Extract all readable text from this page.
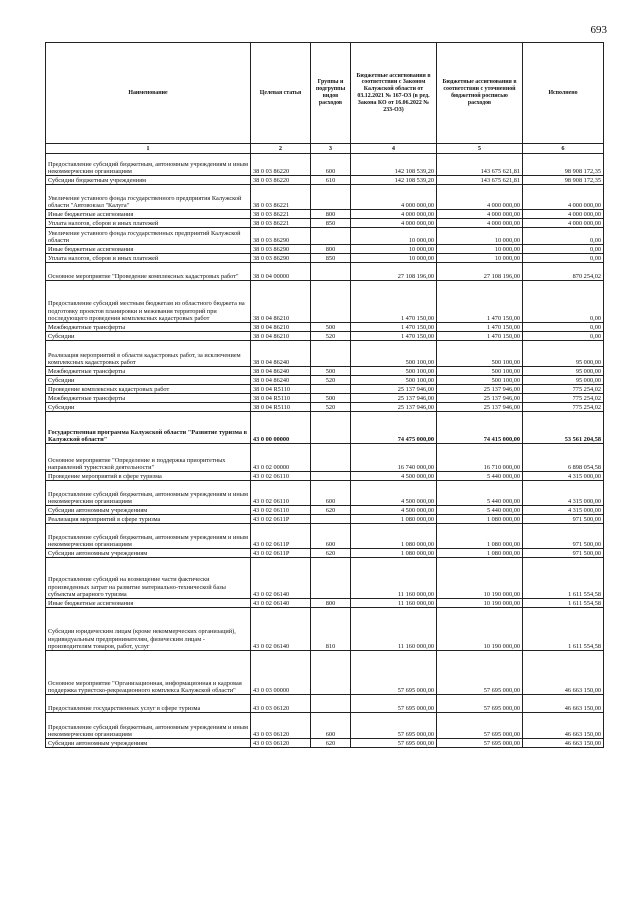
693
Наименование	Целевая статья	Группы и подгруппы видов расходов	Бюджетные ассигнования в соответствии с Законом Калужской области от 03.12.2021 № 167-ОЗ (в ред. Закона КО от 16.06.2022 № 233-ОЗ)	Бюджетные ассигнования в соответствии с уточненной бюджетной росписью расходов	Исполнено
1	2	3	4	5	6
Предоставление субсидий бюджетным, автономным учреждениям и иным некоммерческим организациям	38 0 03 86220	600	142 108 539,20	143 675 621,81	98 908 172,35
Субсидии бюджетным учреждениям	38 0 03 86220	610	142 108 539,20	143 675 621,81	98 908 172,35
Увеличение уставного фонда государственного предприятия Калужской области "Автовокзал "Калуга"	38 0 03 86221		4 000 000,00	4 000 000,00	4 000 000,00
Иные бюджетные ассигнования	38 0 03 86221	800	4 000 000,00	4 000 000,00	4 000 000,00
Уплата налогов, сборов и иных платежей	38 0 03 86221	850	4 000 000,00	4 000 000,00	4 000 000,00
Увеличение уставного фонда государственных предприятий Калужской области	38 0 03 86290		10 000,00	10 000,00	0,00
Иные бюджетные ассигнования	38 0 03 86290	800	10 000,00	10 000,00	0,00
Уплата налогов, сборов и иных платежей	38 0 03 86290	850	10 000,00	10 000,00	0,00
Основное мероприятие "Проведение комплексных кадастровых работ"	38 0 04 00000		27 108 196,00	27 108 196,00	870 254,02
Предоставление субсидий местным бюджетам из областного бюджета на подготовку проектов планировки и межевания территорий при последующего проведения комплексных кадастровых работ	38 0 04 86210		1 470 150,00	1 470 150,00	0,00
Межбюджетные трансферты	38 0 04 86210	500	1 470 150,00	1 470 150,00	0,00
Субсидии	38 0 04 86210	520	1 470 150,00	1 470 150,00	0,00
Реализация мероприятий в области кадастровых работ, за исключением комплексных кадастровых работ	38 0 04 86240		500 100,00	500 100,00	95 000,00
Межбюджетные трансферты	38 0 04 86240	500	500 100,00	500 100,00	95 000,00
Субсидии	38 0 04 86240	520	500 100,00	500 100,00	95 000,00
Проведение комплексных кадастровых работ	38 0 04 R5110		25 137 946,00	25 137 946,00	775 254,02
Межбюджетные трансферты	38 0 04 R5110	500	25 137 946,00	25 137 946,00	775 254,02
Субсидии	38 0 04 R5110	520	25 137 946,00	25 137 946,00	775 254,02
Государственная программа Калужской области "Развитие туризма в Калужской области"	43 0 00 00000		74 475 000,00	74 415 000,00	53 561 204,58
Основное мероприятие "Определение и поддержка приоритетных направлений туристской деятельности"	43 0 02 00000		16 740 000,00	16 710 000,00	6 898 054,58
Проведение мероприятий в сфере туризма	43 0 02 06110		4 500 000,00	5 440 000,00	4 315 000,00
Предоставление субсидий бюджетным, автономным учреждениям и иным некоммерческим организациям	43 0 02 06110	600	4 500 000,00	5 440 000,00	4 315 000,00
Субсидии автономным учреждениям	43 0 02 06110	620	4 500 000,00	5 440 000,00	4 315 000,00
Реализация мероприятий в сфере туризма	43 0 02 0611P		1 080 000,00	1 080 000,00	971 500,00
Предоставление субсидий бюджетным, автономным учреждениям и иным некоммерческим организациям	43 0 02 0611P	600	1 080 000,00	1 080 000,00	971 500,00
Субсидии автономным учреждениям	43 0 02 0611P	620	1 080 000,00	1 080 000,00	971 500,00
Предоставление субсидий на возмещение части фактически произведенных затрат на развитие материально-технической базы субъектам аграрного туризма	43 0 02 06140		11 160 000,00	10 190 000,00	1 611 554,58
Иные бюджетные ассигнования	43 0 02 06140	800	11 160 000,00	10 190 000,00	1 611 554,58
Субсидии юридическим лицам (кроме некоммерческих организаций), индивидуальным предпринимателям, физическим лицам - производителям товаров, работ, услуг	43 0 02 06140	810	11 160 000,00	10 190 000,00	1 611 554,58
Основное мероприятие "Организационная, информационная и кадровая поддержка туристско-рекреационного комплекса Калужской области"	43 0 03 00000		57 695 000,00	57 695 000,00	46 663 150,00
Предоставление государственных услуг в сфере туризма	43 0 03 06120		57 695 000,00	57 695 000,00	46 663 150,00
Предоставление субсидий бюджетным, автономным учреждениям и иным некоммерческим организациям	43 0 03 06120	600	57 695 000,00	57 695 000,00	46 663 150,00
Субсидии автономным учреждениям	43 0 03 06120	620	57 695 000,00	57 695 000,00	46 663 150,00
